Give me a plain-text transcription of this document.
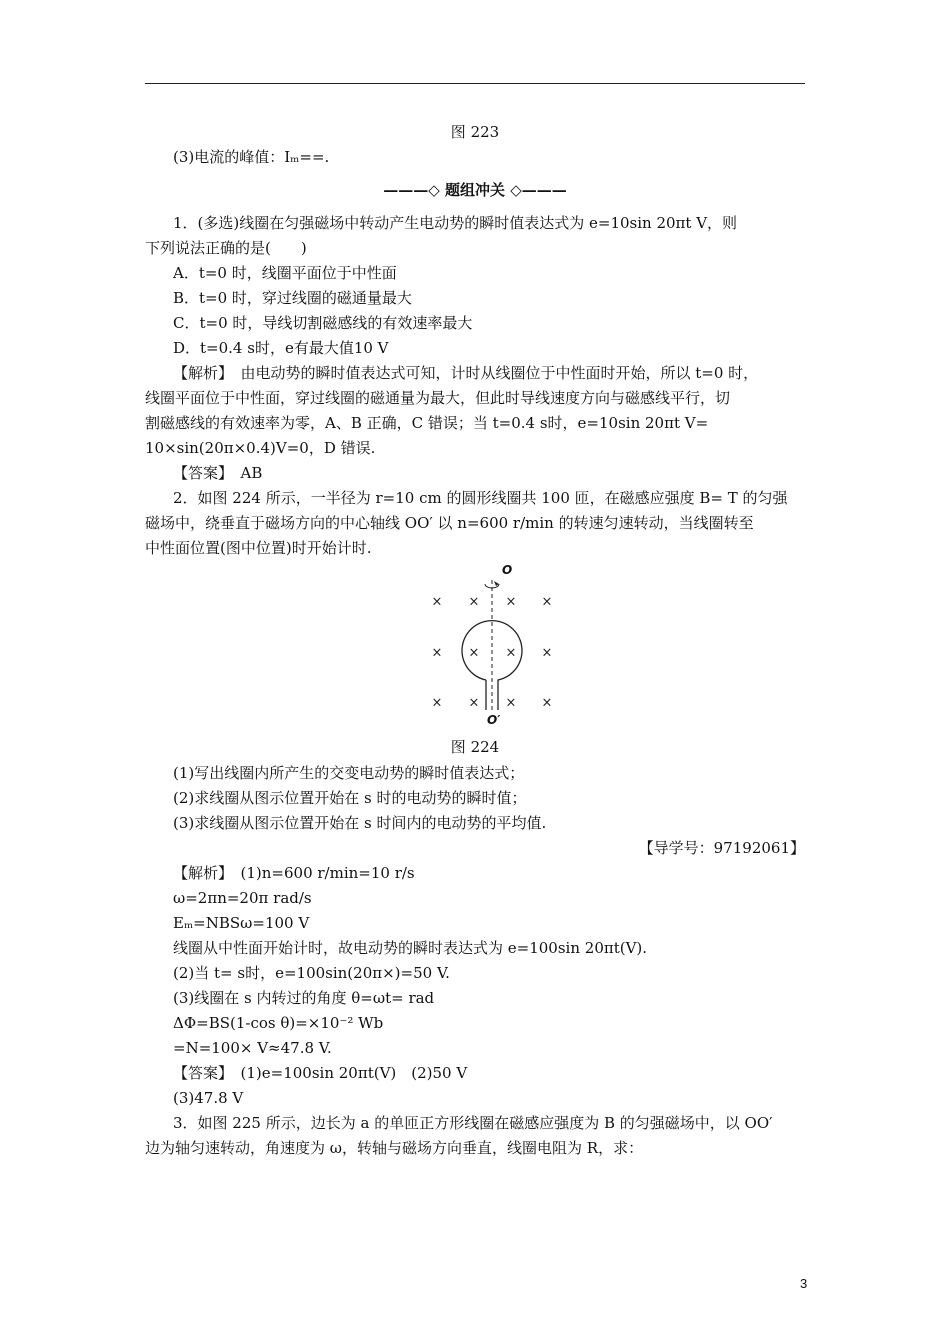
图 223
(3)电流的峰值：Iₘ==.
———◇ 题组冲关 ◇———
1．(多选)线圈在匀强磁场中转动产生电动势的瞬时值表达式为 e=10sin 20πt V，则
下列说法正确的是(　　)
A．t=0 时，线圈平面位于中性面
B．t=0 时，穿过线圈的磁通量最大
C．t=0 时，导线切割磁感线的有效速率最大
D．t=0.4 s时，e有最大值10 V
【解析】　由电动势的瞬时值表达式可知，计时从线圈位于中性面时开始，所以 t=0 时，
线圈平面位于中性面，穿过线圈的磁通量为最大，但此时导线速度方向与磁感线平行，切
割磁感线的有效速率为零，A、B 正确，C 错误；当 t=0.4 s时，e=10sin 20πt V=
10×sin(20π×0.4)V=0，D 错误.
【答案】　AB
2．如图 224 所示，一半径为 r=10 cm 的圆形线圈共 100 匝，在磁感应强度 B= T 的匀强
磁场中，绕垂直于磁场方向的中心轴线 OO′ 以 n=600 r/min 的转速匀速转动，当线圈转至
中性面位置(图中位置)时开始计时.
× × × ×
× × × ×
× × × ×
O
O′
图 224
(1)写出线圈内所产生的交变电动势的瞬时值表达式；
(2)求线圈从图示位置开始在 s 时的电动势的瞬时值；
(3)求线圈从图示位置开始在 s 时间内的电动势的平均值.
【导学号：97192061】
【解析】　(1)n=600 r/min=10 r/s
ω=2πn=20π rad/s
Eₘ=NBSω=100 V
线圈从中性面开始计时，故电动势的瞬时表达式为 e=100sin 20πt(V).
(2)当 t= s时，e=100sin(20π×)=50 V.
(3)线圈在 s 内转过的角度 θ=ωt= rad
ΔΦ=BS(1-cos θ)=×10⁻² Wb
=N=100× V≈47.8 V.
【答案】　(1)e=100sin 20πt(V)　(2)50 V
(3)47.8 V
3．如图 225 所示，边长为 a 的单匝正方形线圈在磁感应强度为 B 的匀强磁场中，以 OO′
边为轴匀速转动，角速度为 ω，转轴与磁场方向垂直，线圈电阻为 R，求：
3
